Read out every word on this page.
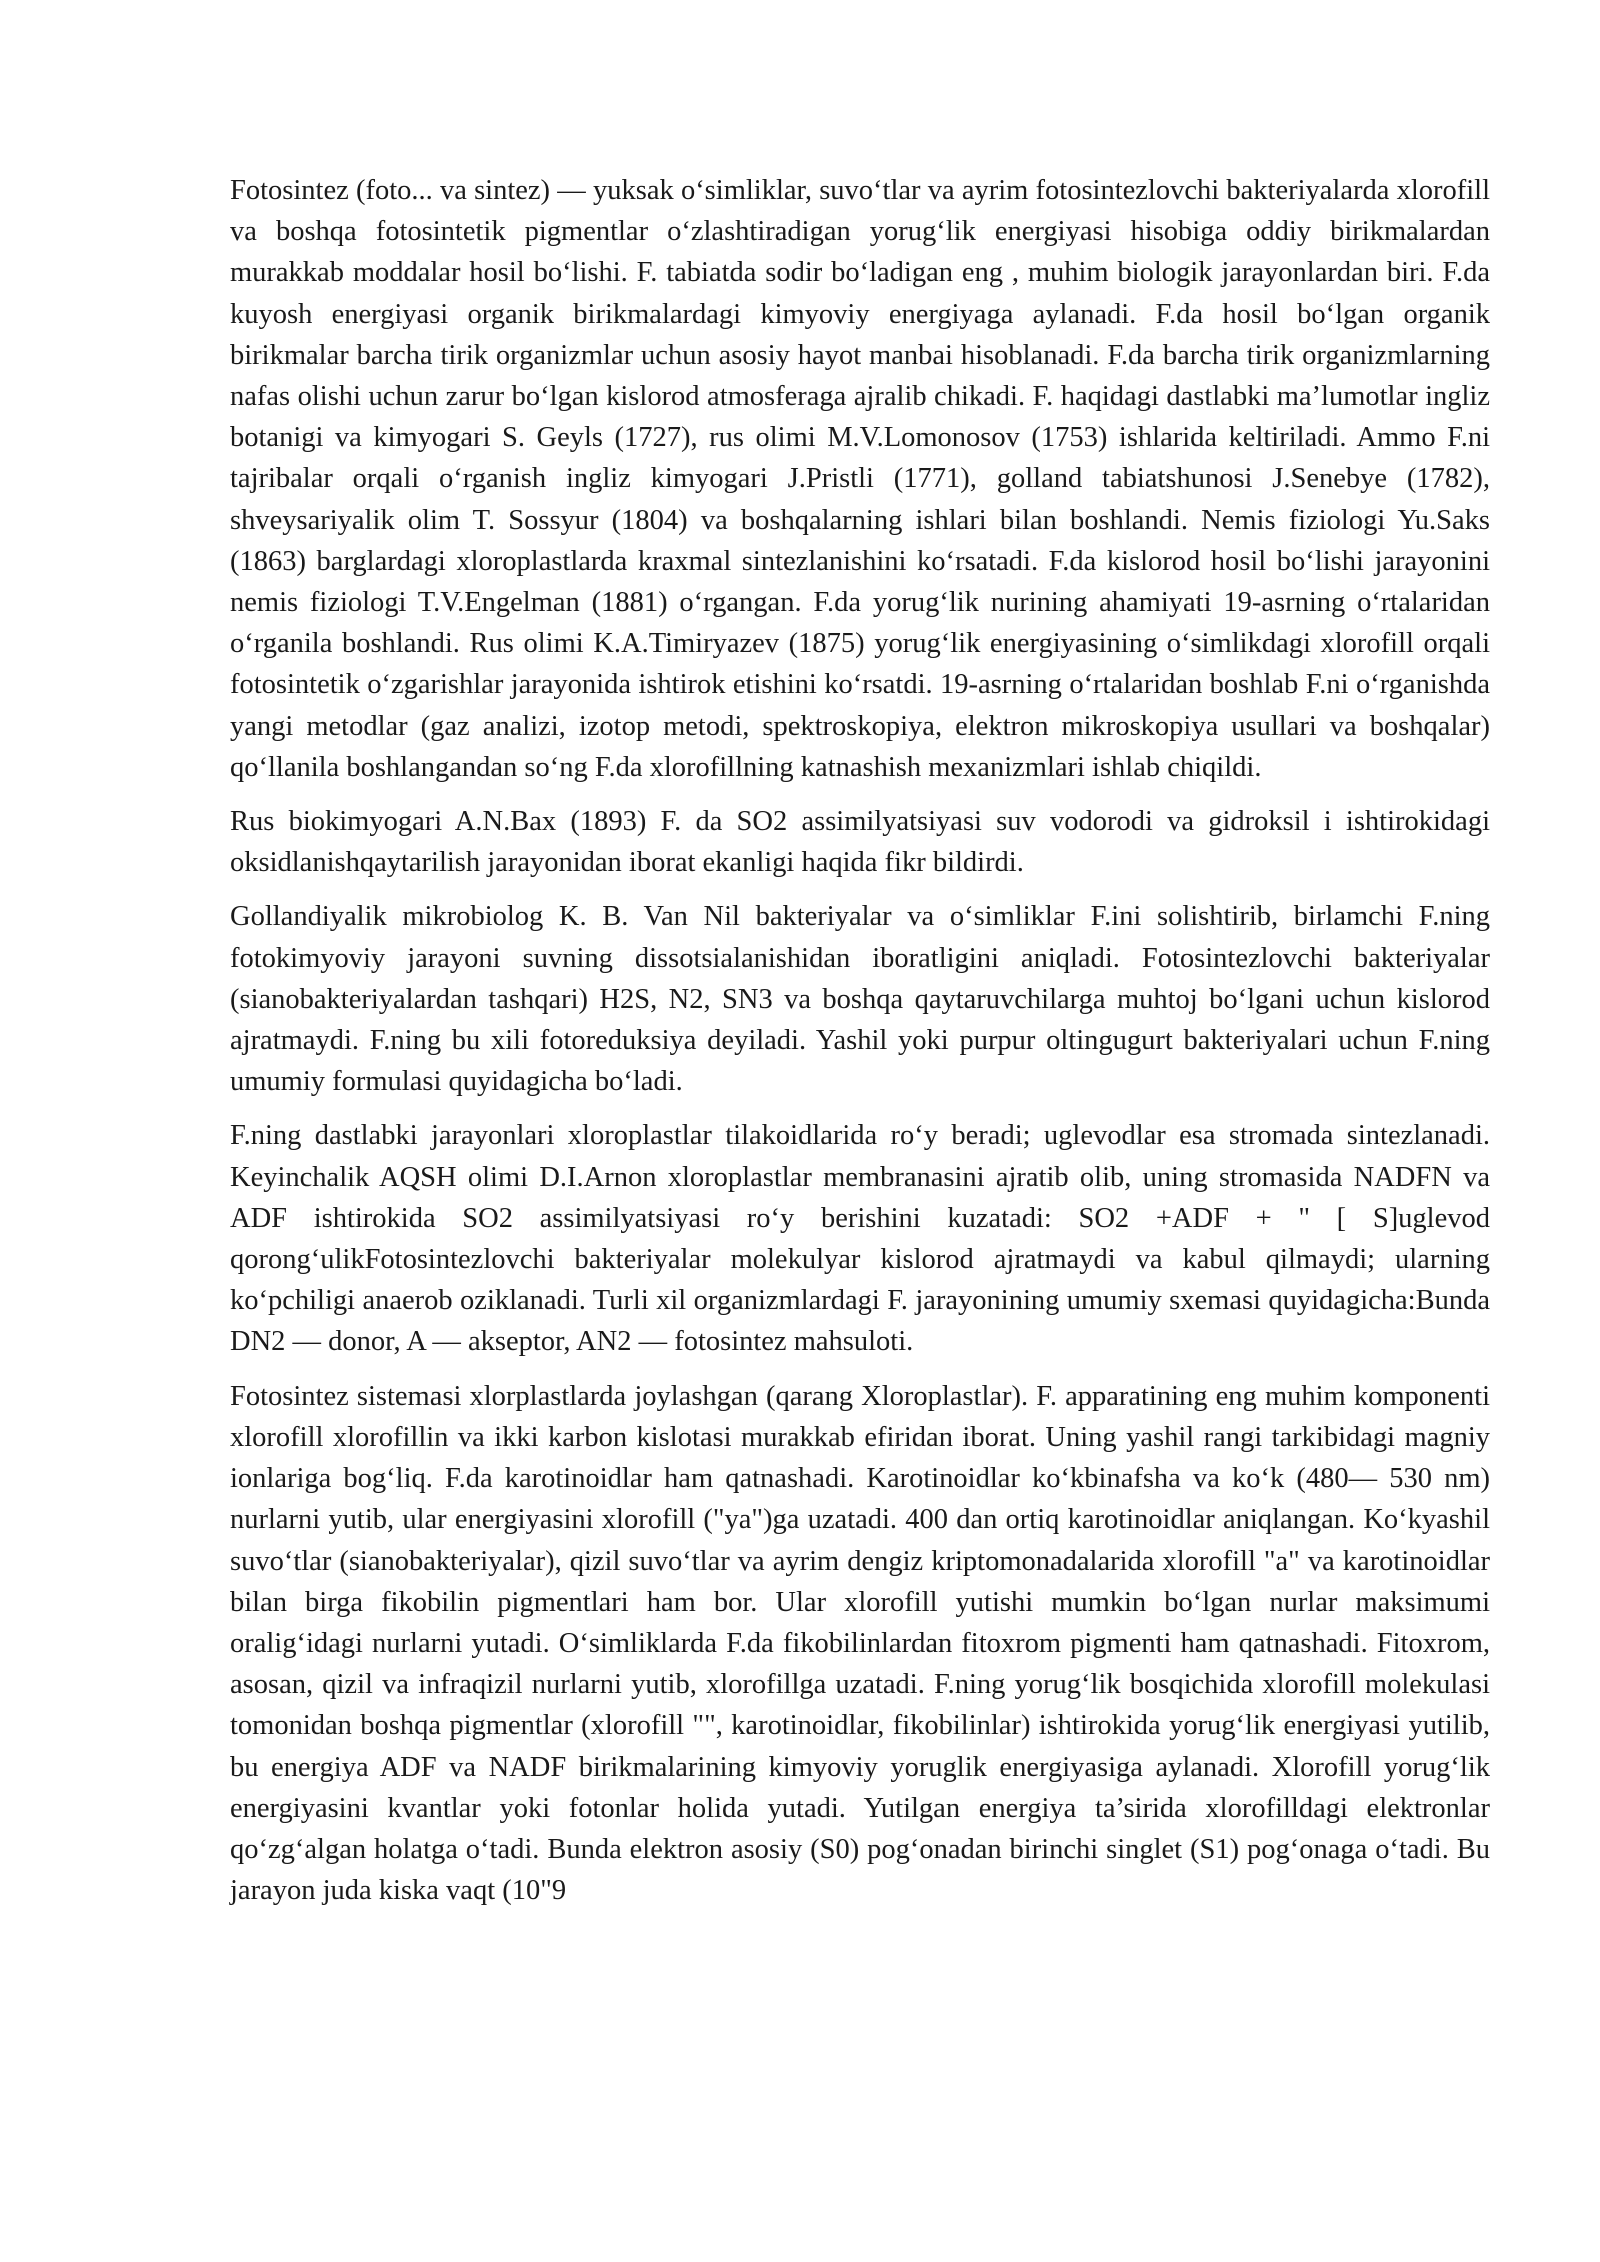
Fotosintez (foto... va sintez) — yuksak o‘simliklar, suvo‘tlar va ayrim fotosintezlovchi bakteriyalarda xlorofill va boshqa fotosintetik pigmentlar o‘zlashtiradigan yorug‘lik energiyasi hisobiga oddiy birikmalardan murakkab moddalar hosil bo‘lishi. F. tabiatda sodir bo‘ladigan eng , muhim biologik jarayonlardan biri. F.da kuyosh energiyasi organik birikmalardagi kimyoviy energiyaga aylanadi. F.da hosil bo‘lgan organik birikmalar barcha tirik organizmlar uchun asosiy hayot manbai hisoblanadi. F.da barcha tirik organizmlarning nafas olishi uchun zarur bo‘lgan kislorod atmosferaga ajralib chikadi. F. haqidagi dastlabki ma’lumotlar ingliz botanigi va kimyogari S. Geyls (1727), rus olimi M.V.Lomonosov (1753) ishlarida keltiriladi. Ammo F.ni tajribalar orqali o‘rganish ingliz kimyogari J.Pristli (1771), golland tabiatshunosi J.Senebye (1782), shveysariyalik olim T. Sossyur (1804) va boshqalarning ishlari bilan boshlandi. Nemis fiziologi Yu.Saks (1863) barglardagi xloroplastlarda kraxmal sintezlanishini ko‘rsatadi. F.da kislorod hosil bo‘lishi jarayonini nemis fiziologi T.V.Engelman (1881) o‘rgangan. F.da yorug‘lik nurining ahamiyati 19-asrning o‘rtalaridan o‘rganila boshlandi. Rus olimi K.A.Timiryazev (1875) yorug‘lik energiyasining o‘simlikdagi xlorofill orqali fotosintetik o‘zgarishlar jarayonida ishtirok etishini ko‘rsatdi. 19-asrning o‘rtalaridan boshlab F.ni o‘rganishda yangi metodlar (gaz analizi, izotop metodi, spektroskopiya, elektron mikroskopiya usullari va boshqalar) qo‘llanila boshlangandan so‘ng F.da xlorofillning katnashish mexanizmlari ishlab chiqildi.

Rus biokimyogari A.N.Bax (1893) F. da SO2 assimilyatsiyasi suv vodorodi va gidroksil i ishtirokidagi oksidlanishqaytarilish jarayonidan iborat ekanligi haqida fikr bildirdi.

Gollandiyalik mikrobiolog K. B. Van Nil bakteriyalar va o‘simliklar F.ini solishtirib, birlamchi F.ning fotokimyoviy jarayoni suvning dissotsialanishidan iboratligini aniqladi. Fotosintezlovchi bakteriyalar (sianobakteriyalardan tashqari) H2S, N2, SN3 va boshqa qaytaruvchilarga muhtoj bo‘lgani uchun kislorod ajratmaydi. F.ning bu xili fotoreduksiya deyiladi. Yashil yoki purpur oltingugurt bakteriyalari uchun F.ning umumiy formulasi quyidagicha bo‘ladi.

F.ning dastlabki jarayonlari xloroplastlar tilakoidlarida ro‘y beradi; uglevodlar esa stromada sintezlanadi. Keyinchalik AQSH olimi D.I.Arnon xloroplastlar membranasini ajratib olib, uning stromasida NADFN va ADF ishtirokida SO2 assimilyatsiyasi ro‘y berishini kuzatadi: SO2 +ADF + " [ S]uglevod qorong‘ulikFotosintezlovchi bakteriyalar molekulyar kislorod ajratmaydi va kabul qilmaydi; ularning ko‘pchiligi anaerob oziklanadi. Turli xil organizmlardagi F. jarayonining umumiy sxemasi quyidagicha:Bunda DN2 — donor, A — akseptor, AN2 — fotosintez mahsuloti.

Fotosintez sistemasi xlorplastlarda joylashgan (qarang Xloroplastlar). F. apparatining eng muhim komponenti xlorofill xlorofillin va ikki karbon kislotasi murakkab efiridan iborat. Uning yashil rangi tarkibidagi magniy ionlariga bog‘liq. F.da karotinoidlar ham qatnashadi. Karotinoidlar ko‘kbinafsha va ko‘k (480— 530 nm) nurlarni yutib, ular energiyasini xlorofill ("ya")ga uzatadi. 400 dan ortiq karotinoidlar aniqlangan. Ko‘kyashil suvo‘tlar (sianobakteriyalar), qizil suvo‘tlar va ayrim dengiz kriptomonadalarida xlorofill "a" va karotinoidlar bilan birga fikobilin pigmentlari ham bor. Ular xlorofill yutishi mumkin bo‘lgan nurlar maksimumi oralig‘idagi nurlarni yutadi. O‘simliklarda F.da fikobilinlardan fitoxrom pigmenti ham qatnashadi. Fitoxrom, asosan, qizil va infraqizil nurlarni yutib, xlorofillga uzatadi. F.ning yorug‘lik bosqichida xlorofill molekulasi tomonidan boshqa pigmentlar (xlorofill "", karotinoidlar, fikobilinlar) ishtirokida yorug‘lik energiyasi yutilib, bu energiya ADF va NADF birikmalarining kimyoviy yoruglik energiyasiga aylanadi. Xlorofill yorug‘lik energiyasini kvantlar yoki fotonlar holida yutadi. Yutilgan energiya ta’sirida xlorofilldagi elektronlar qo‘zg‘algan holatga o‘tadi. Bunda elektron asosiy (S0) pog‘onadan birinchi singlet (S1) pog‘onaga o‘tadi. Bu jarayon juda kiska vaqt (10"9
